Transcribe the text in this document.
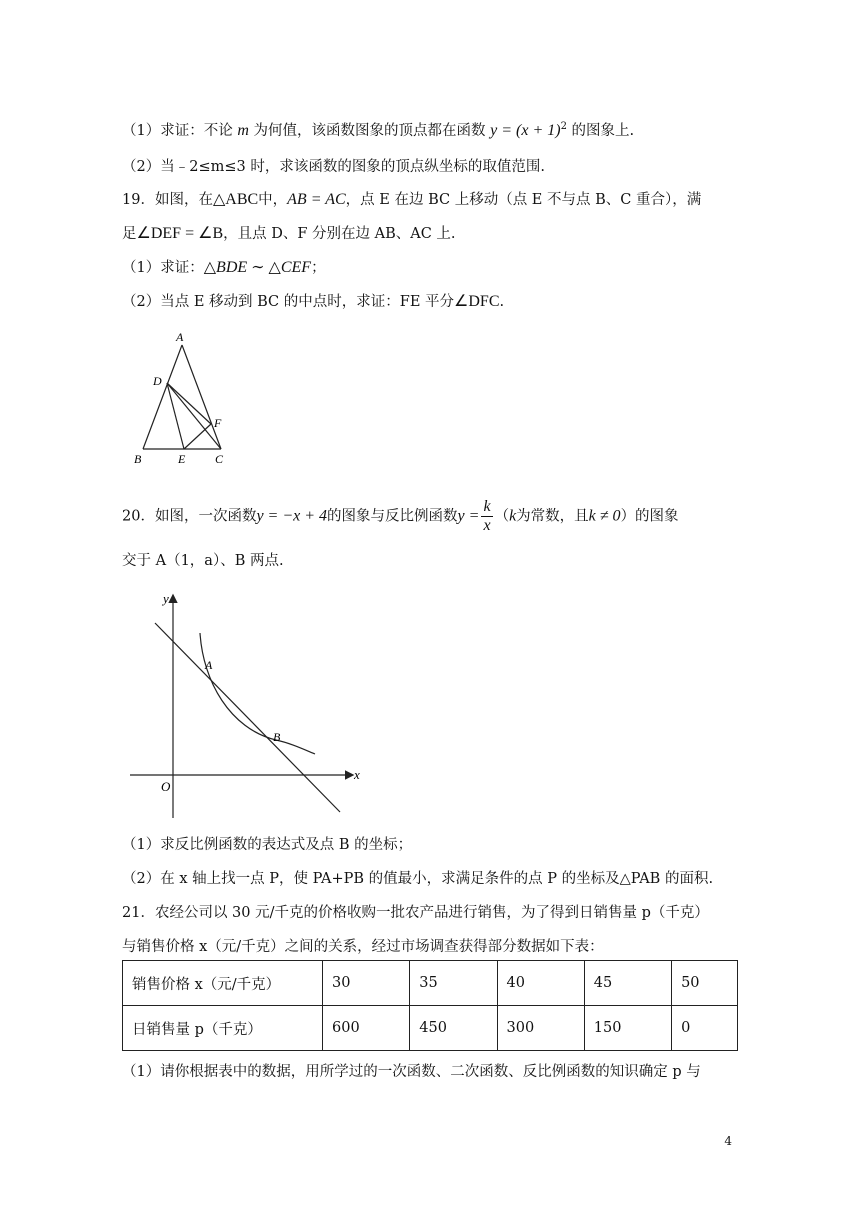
（1）求证：不论 m 为何值，该函数图象的顶点都在函数 $y = (x + 1)^2$ 的图象上.
（2）当﹣2≤m≤3 时，求该函数的图象的顶点纵坐标的取值范围.
19．如图，在△ABC中，AB = AC，点 E 在边 BC 上移动（点 E 不与点 B、C 重合），满
足∠DEF = ∠B，且点 D、F 分别在边 AB、AC 上.
（1）求证：△BDE ∼ △CEF；
（2）当点 E 移动到 BC 的中点时，求证：FE 平分∠DFC.
A
D
F
B	E C
20．如图，一次函数y = −x + 4的图象与反比例函数$y = \frac{k}{x} (k$为常数，且k ≠ 0）的图象
交于 A（1，a）、B 两点.
y
x
O
A
B
（1）求反比例函数的表达式及点 B 的坐标；
（2）在 x 轴上找一点 P，使 PA+PB 的值最小，求满足条件的点 P 的坐标及△PAB 的面积.
21．农经公司以 30 元/千克的价格收购一批农产品进行销售，为了得到日销售量 p（千克）
与销售价格 x（元/千克）之间的关系，经过市场调查获得部分数据如下表：
销售价格 x（元/千克）	30	35	40	45	50
日销售量 p（千克）	600	450	300	150	0
（1）请你根据表中的数据，用所学过的一次函数、二次函数、反比例函数的知识确定 p 与
4
